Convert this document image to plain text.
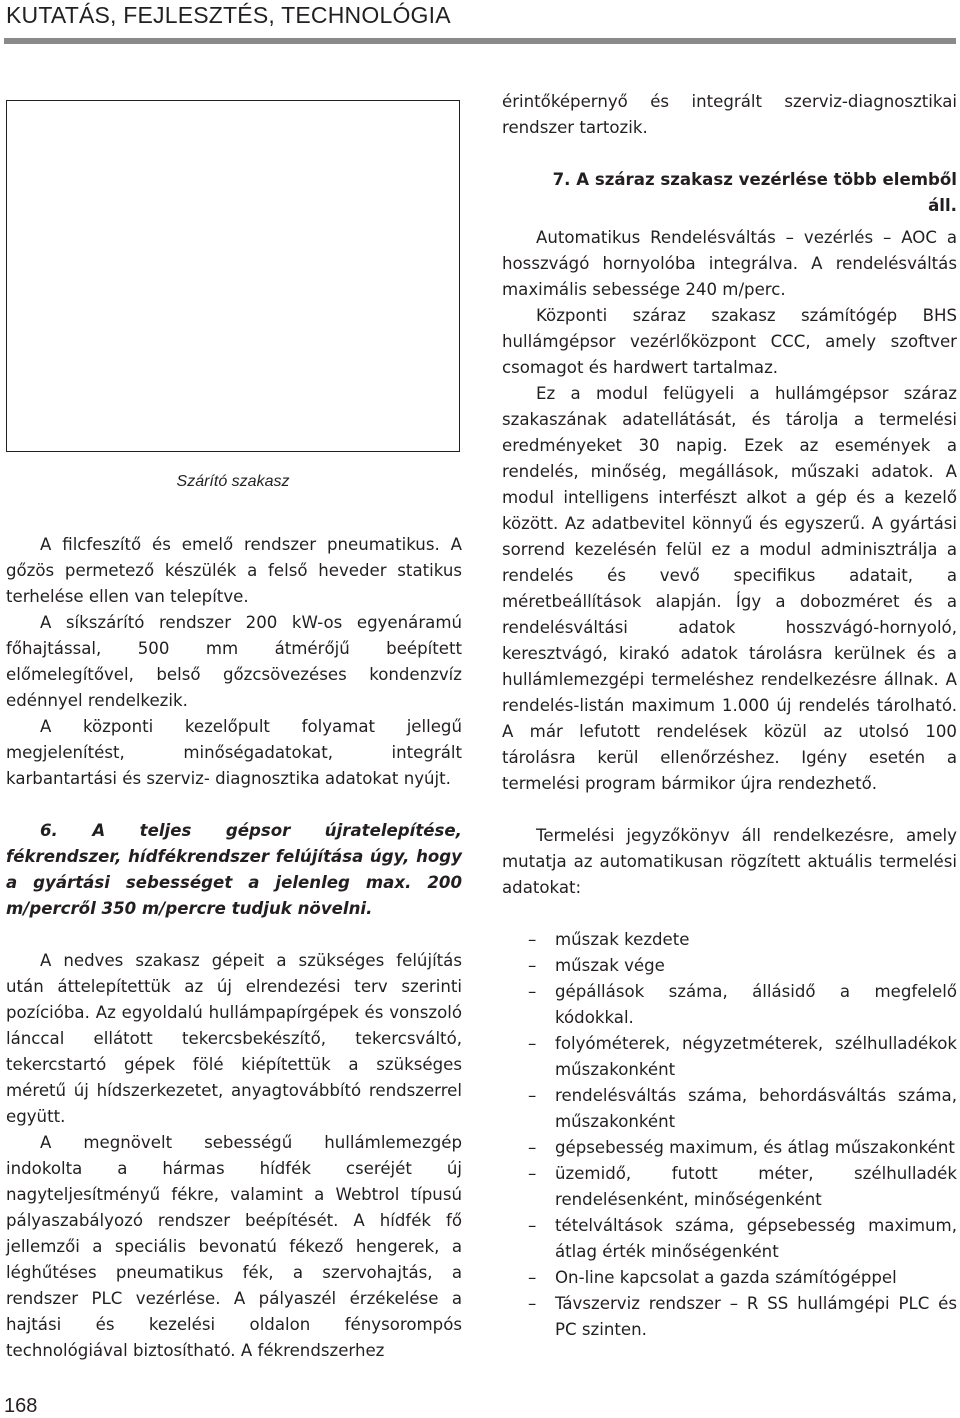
KUTATÁS, FEJLESZTÉS, TECHNOLÓGIA
Szárító szakasz

A filcfeszítő és emelő rendszer pneumatikus. A gőzös permetező készülék a felső heveder statikus terhelése ellen van telepítve.

A síkszárító rendszer 200 kW-os egyenáramú főhajtással, 500 mm átmérőjű beépített előmelegítővel, belső gőzcsövezéses kondenzvíz edénnyel rendelkezik.

A központi kezelőpult folyamat jellegű megjelenítést, minőségadatokat, integrált karbantartási és szerviz- diagnosztika adatokat nyújt.

6. A teljes gépsor újratelepítése, fékrendszer, hídfékrendszer felújítása úgy, hogy a gyártási sebességet a jelenleg max. 200 m/percről 350 m/percre tudjuk növelni.

A nedves szakasz gépeit a szükséges felújítás után áttelepítettük az új elrendezési terv szerinti pozícióba. Az egyoldalú hullámpapírgépek és vonszoló lánccal ellátott tekercsbekészítő, tekercsváltó, tekercstartó gépek fölé kiépítettük a szükséges méretű új hídszerkezetet, anyagtovábbító rendszerrel együtt.

A megnövelt sebességű hullámlemezgép indokolta a hármas hídfék cseréjét új nagyteljesítményű fékre, valamint a Webtrol típusú pályaszabályozó rendszer beépítését. A hídfék fő jellemzői a speciális bevonatú fékező hengerek, a léghűtéses pneumatikus fék, a szervohajtás, a rendszer PLC vezérlése. A pályaszél érzékelése a hajtási és kezelési oldalon fénysorompós technológiával biztosítható. A fékrendszerhez

érintőképernyő és integrált szerviz-diagnosztikai rendszer tartozik.

7. A száraz szakasz vezérlése több elemből áll.

Automatikus Rendelésváltás – vezérlés – AOC a hosszvágó hornyolóba integrálva. A rendelésváltás maximális sebessége 240 m/perc.

Központi száraz szakasz számítógép BHS hullámgépsor vezérlőközpont CCC, amely szoftver csomagot és hardwert tartalmaz.

Ez a modul felügyeli a hullámgépsor száraz szakaszának adatellátását, és tárolja a termelési eredményeket 30 napig. Ezek az események a rendelés, minőség, megállások, műszaki adatok. A modul intelligens interfészt alkot a gép és a kezelő között. Az adatbevitel könnyű és egyszerű. A gyártási sorrend kezelésén felül ez a modul adminisztrálja a rendelés és vevő specifikus adatait, a méretbeállítások alapján. Így a dobozméret és a rendelésváltási adatok hosszvágó-hornyoló, keresztvágó, kirakó adatok tárolásra kerülnek és a hullámlemezgépi termeléshez rendelkezésre állnak. A rendelés-listán maximum 1.000 új rendelés tárolható. A már lefutott rendelések közül az utolsó 100 tárolásra kerül ellenőrzéshez. Igény esetén a termelési program bármikor újra rendezhető.

Termelési jegyzőkönyv áll rendelkezésre, amely mutatja az automatikusan rögzített aktuális termelési adatokat:

– műszak kezdete
– műszak vége
– gépállások száma, állásidő a megfelelő kódokkal.
– folyóméterek, négyzetméterek, szélhulladékok műszakonként
– rendelésváltás száma, behordásváltás száma, műszakonként
– gépsebesség maximum, és átlag műszakonként
– üzemidő, futott méter, szélhulladék rendelésenként, minőségenként
– tételváltások száma, gépsebesség maximum, átlag érték minőségenként
– On-line kapcsolat a gazda számítógéppel
– Távszerviz rendszer – R SS hullámgépi PLC és PC szinten.
168
